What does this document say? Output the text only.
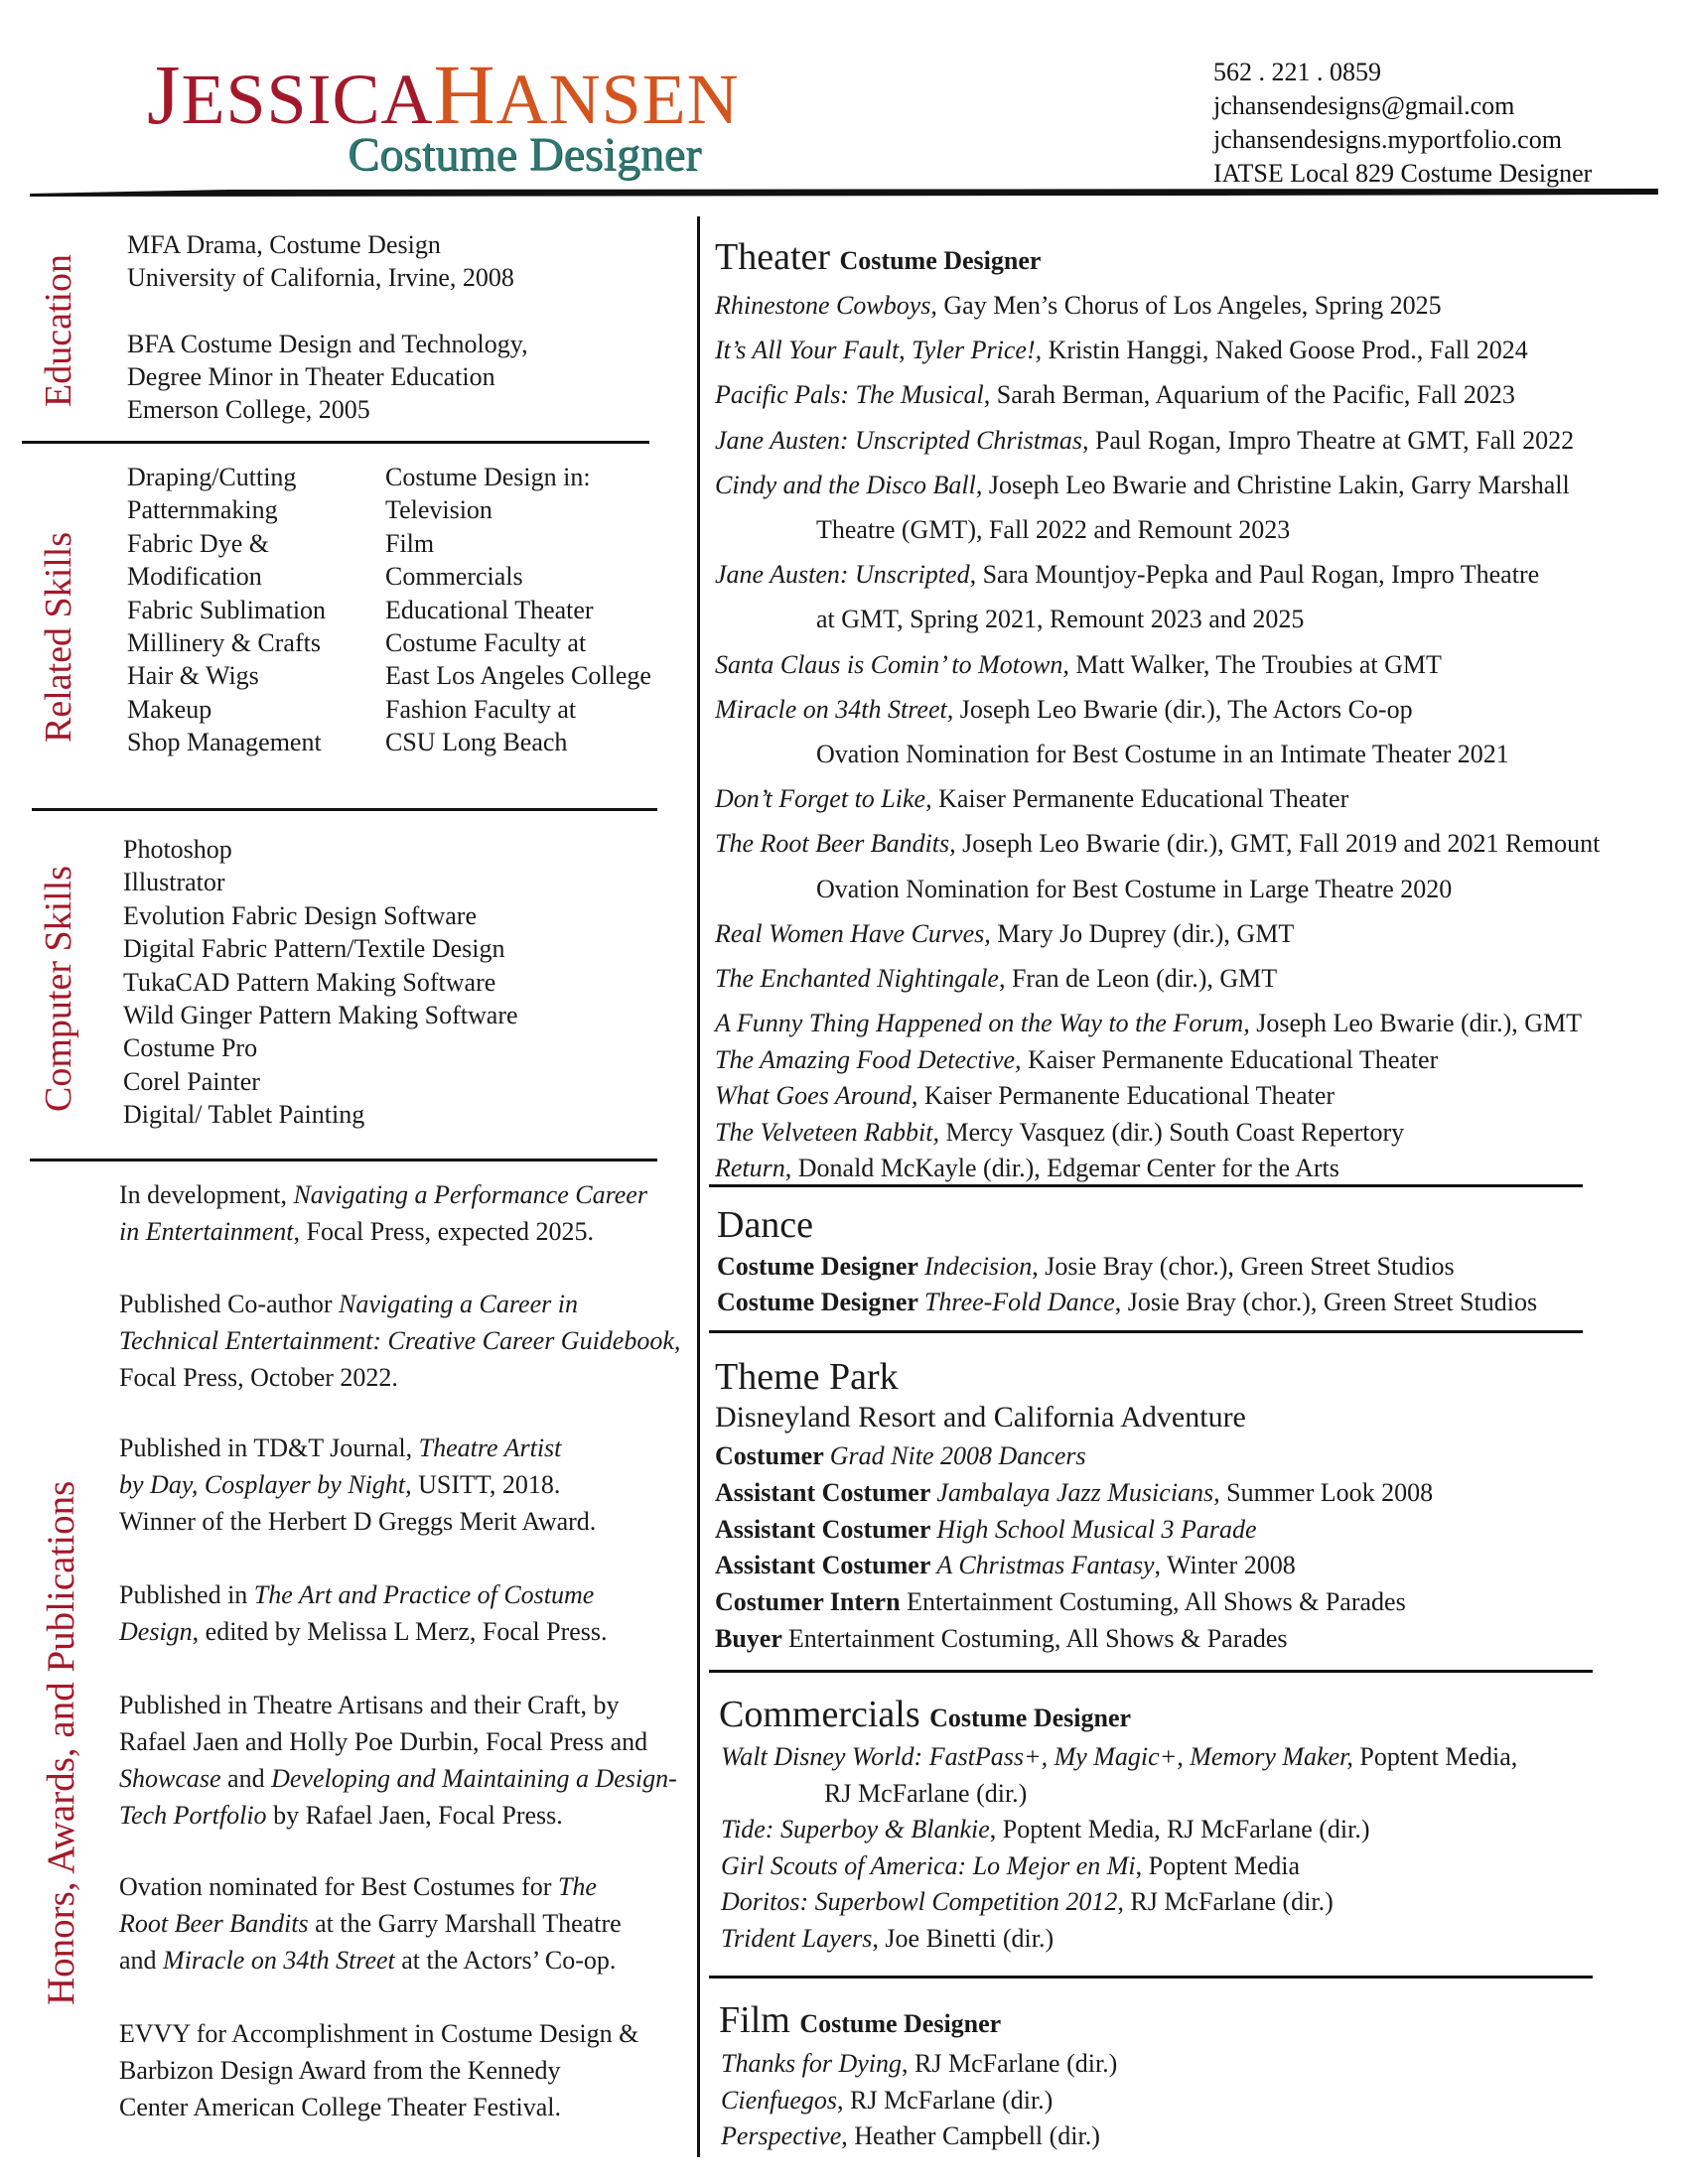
JESSICAHANSEN
Costume Designer
562 . 221 . 0859
jchansendesigns@gmail.com
jchansendesigns.myportfolio.com
IATSE Local 829 Costume Designer
Education
MFA Drama, Costume Design
University of California, Irvine, 2008
BFA Costume Design and Technology,
Degree Minor in Theater Education
Emerson College, 2005
Related Skills
Draping/Cutting
Patternmaking
Fabric Dye &
Modification
Fabric Sublimation
Millinery & Crafts
Hair & Wigs
Makeup
Shop Management
Costume Design in:
Television
Film
Commercials
Educational Theater
Costume Faculty at
East Los Angeles College
Fashion Faculty at
CSU Long Beach
Computer Skills
Photoshop
Illustrator
Evolution Fabric Design Software
Digital Fabric Pattern/Textile Design
TukaCAD Pattern Making Software
Wild Ginger Pattern Making Software
Costume Pro
Corel Painter
Digital/ Tablet Painting
Honors, Awards, and Publications
In development, Navigating a Performance Career
in Entertainment, Focal Press, expected 2025.
Published Co-author Navigating a Career in
Technical Entertainment: Creative Career Guidebook,
Focal Press, October 2022.
Published in TD&T Journal, Theatre Artist
by Day, Cosplayer by Night, USITT, 2018.
Winner of the Herbert D Greggs Merit Award.
Published in The Art and Practice of Costume
Design, edited by Melissa L Merz, Focal Press.
Published in Theatre Artisans and their Craft, by
Rafael Jaen and Holly Poe Durbin, Focal Press and
Showcase and Developing and Maintaining a Design-
Tech Portfolio by Rafael Jaen, Focal Press.
Ovation nominated for Best Costumes for The
Root Beer Bandits at the Garry Marshall Theatre
and Miracle on 34th Street at the Actors’ Co-op.
EVVY for Accomplishment in Costume Design &
Barbizon Design Award from the Kennedy
Center American College Theater Festival.
Theater Costume Designer
Rhinestone Cowboys, Gay Men’s Chorus of Los Angeles, Spring 2025
It’s All Your Fault, Tyler Price!, Kristin Hanggi, Naked Goose Prod., Fall 2024
Pacific Pals: The Musical, Sarah Berman, Aquarium of the Pacific, Fall 2023
Jane Austen: Unscripted Christmas, Paul Rogan, Impro Theatre at GMT, Fall 2022
Cindy and the Disco Ball, Joseph Leo Bwarie and Christine Lakin, Garry Marshall
Theatre (GMT), Fall 2022 and Remount 2023
Jane Austen: Unscripted, Sara Mountjoy-Pepka and Paul Rogan, Impro Theatre
at GMT, Spring 2021, Remount 2023 and 2025
Santa Claus is Comin’ to Motown, Matt Walker, The Troubies at GMT
Miracle on 34th Street, Joseph Leo Bwarie (dir.), The Actors Co-op
Ovation Nomination for Best Costume in an Intimate Theater 2021
Don’t Forget to Like, Kaiser Permanente Educational Theater
The Root Beer Bandits, Joseph Leo Bwarie (dir.), GMT, Fall 2019 and 2021 Remount
Ovation Nomination for Best Costume in Large Theatre 2020
Real Women Have Curves, Mary Jo Duprey (dir.), GMT
The Enchanted Nightingale, Fran de Leon (dir.), GMT
A Funny Thing Happened on the Way to the Forum, Joseph Leo Bwarie (dir.), GMT
The Amazing Food Detective, Kaiser Permanente Educational Theater
What Goes Around, Kaiser Permanente Educational Theater
The Velveteen Rabbit, Mercy Vasquez (dir.) South Coast Repertory
Return, Donald McKayle (dir.), Edgemar Center for the Arts
Dance
Costume Designer Indecision, Josie Bray (chor.), Green Street Studios
Costume Designer Three-Fold Dance, Josie Bray (chor.), Green Street Studios
Theme Park
Disneyland Resort and California Adventure
Costumer Grad Nite 2008 Dancers
Assistant Costumer Jambalaya Jazz Musicians, Summer Look 2008
Assistant Costumer High School Musical 3 Parade
Assistant Costumer A Christmas Fantasy, Winter 2008
Costumer Intern Entertainment Costuming, All Shows & Parades
Buyer Entertainment Costuming, All Shows & Parades
Commercials Costume Designer
Walt Disney World: FastPass+, My Magic+, Memory Maker, Poptent Media,
RJ McFarlane (dir.)
Tide: Superboy & Blankie, Poptent Media, RJ McFarlane (dir.)
Girl Scouts of America: Lo Mejor en Mi, Poptent Media
Doritos: Superbowl Competition 2012, RJ McFarlane (dir.)
Trident Layers, Joe Binetti (dir.)
Film Costume Designer
Thanks for Dying, RJ McFarlane (dir.)
Cienfuegos, RJ McFarlane (dir.)
Perspective, Heather Campbell (dir.)
